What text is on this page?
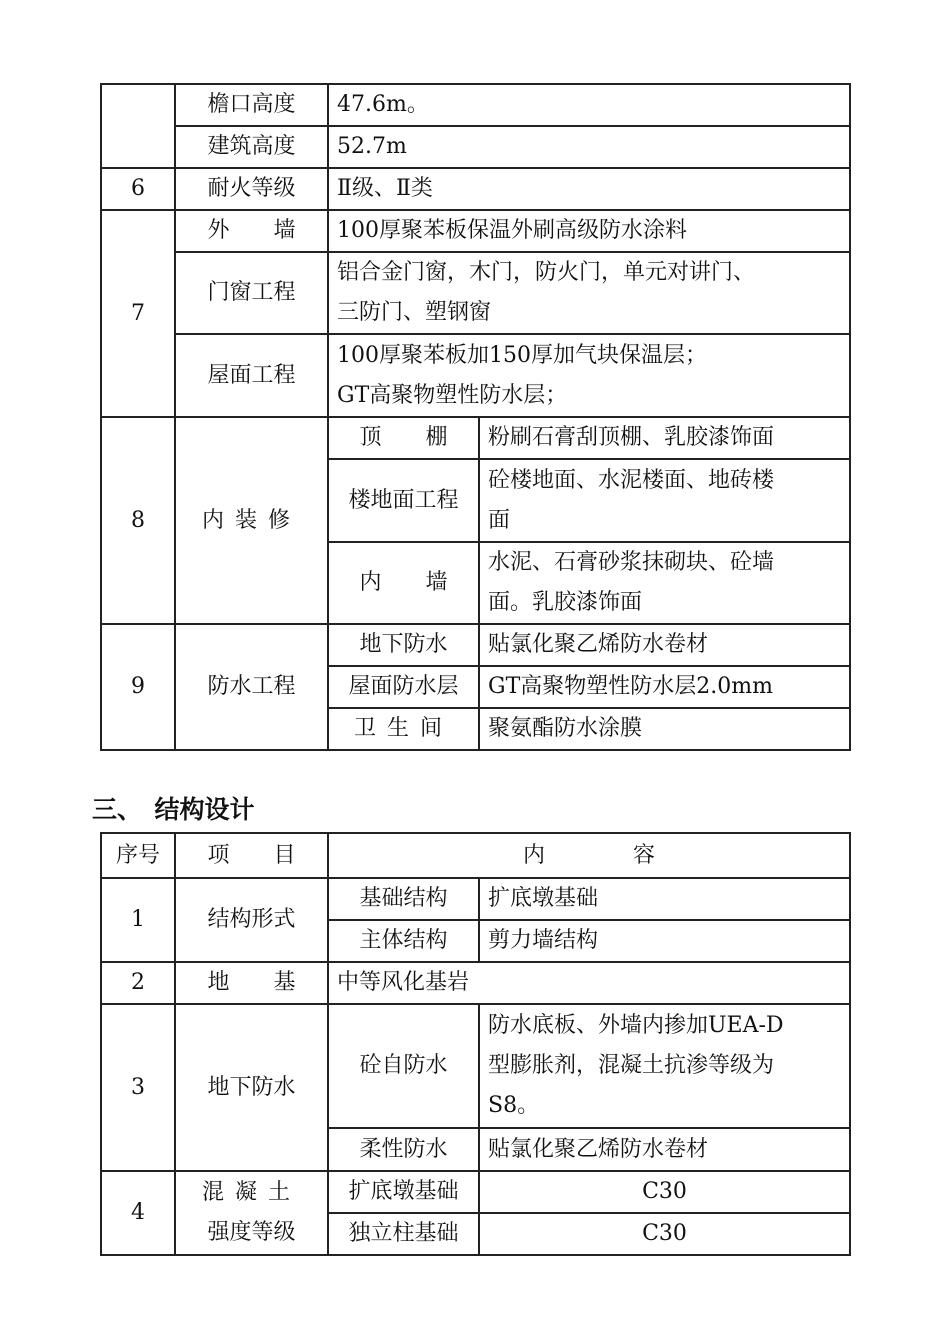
	檐口高度	47.6m。	
	建筑高度	52.7m	
6	耐火等级	Ⅱ级、Ⅱ类	
7	外　　墙	100厚聚苯板保温外刷高级防水涂料	
	门窗工程	铝合金门窗，木门，防火门，单元对讲门、
三防门、塑钢窗	

	屋面工程	100厚聚苯板加150厚加气块保温层；
GT高聚物塑性防水层；	

8	内装修	顶　　棚	粉刷石膏刮顶棚、乳胶漆饰面
		楼地面工程	砼楼地面、水泥楼面、地砖楼
面

		内　　墙	水泥、石膏砂浆抹砌块、砼墙
面。乳胶漆饰面

9	防水工程	地下防水	贴氯化聚乙烯防水卷材
		屋面防水层	GT高聚物塑性防水层2.0mm
		卫生间	聚氨酯防水涂膜
三、　结构设计
序号	项　　目	内　　　　容	
1	结构形式	基础结构	扩底墩基础
		主体结构	剪力墙结构
2	地　　基	中等风化基岩	
3	地下防水	砼自防水	防水底板、外墙内掺加UEA-D
型膨胀剂，混凝土抗渗等级为
S8。

		柔性防水	贴氯化聚乙烯防水卷材
4	混凝土
强度等级	扩底墩基础	C30
		独立柱基础	C30
